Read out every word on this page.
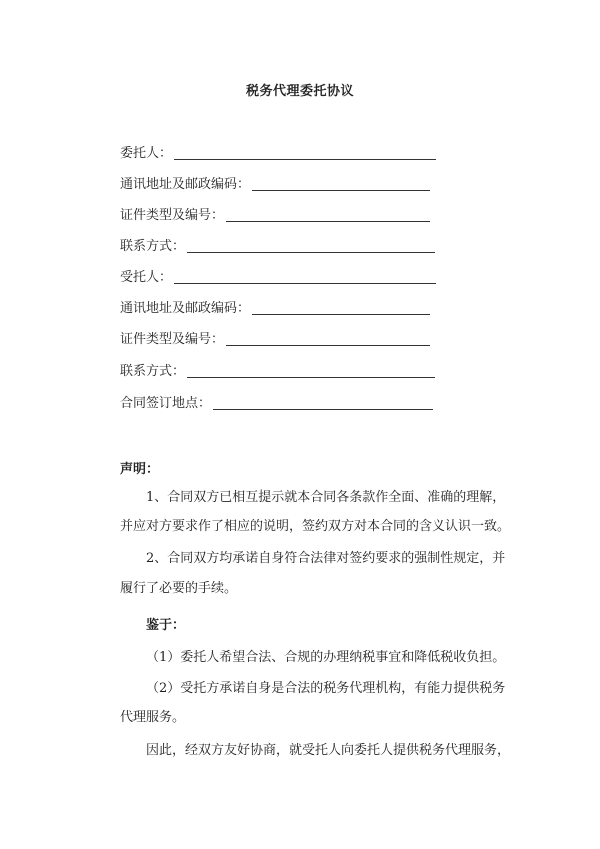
税务代理委托协议
委托人：
通讯地址及邮政编码：
证件类型及编号：
联系方式：
受托人：
通讯地址及邮政编码：
证件类型及编号：
联系方式：
合同签订地点：
声明：
1、合同双方已相互提示就本合同各条款作全面、准确的理解，
并应对方要求作了相应的说明，签约双方对本合同的含义认识一致。
2、合同双方均承诺自身符合法律对签约要求的强制性规定，并
履行了必要的手续。
鉴于：
（1）委托人希望合法、合规的办理纳税事宜和降低税收负担。
（2）受托方承诺自身是合法的税务代理机构，有能力提供税务
代理服务。
因此，经双方友好协商，就受托人向委托人提供税务代理服务，
